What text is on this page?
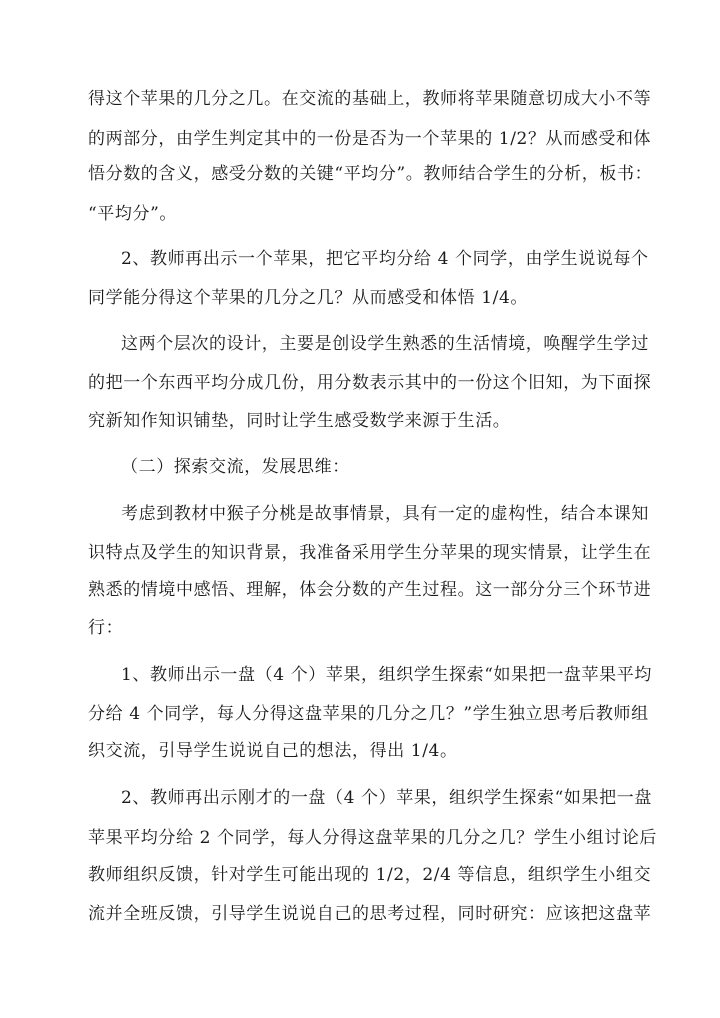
得这个苹果的几分之几。在交流的基础上，教师将苹果随意切成大小不等
的两部分，由学生判定其中的一份是否为一个苹果的 1/2？从而感受和体
悟分数的含义，感受分数的关键“平均分”。教师结合学生的分析，板书：
“平均分”。
2、教师再出示一个苹果，把它平均分给 4 个同学，由学生说说每个
同学能分得这个苹果的几分之几？从而感受和体悟 1/4。
这两个层次的设计，主要是创设学生熟悉的生活情境，唤醒学生学过
的把一个东西平均分成几份，用分数表示其中的一份这个旧知，为下面探
究新知作知识铺垫，同时让学生感受数学来源于生活。
（二）探索交流，发展思维：
考虑到教材中猴子分桃是故事情景，具有一定的虚构性，结合本课知
识特点及学生的知识背景，我准备采用学生分苹果的现实情景，让学生在
熟悉的情境中感悟、理解，体会分数的产生过程。这一部分分三个环节进
行：
1、教师出示一盘（4 个）苹果，组织学生探索“如果把一盘苹果平均
分给 4 个同学，每人分得这盘苹果的几分之几？”学生独立思考后教师组
织交流，引导学生说说自己的想法，得出 1/4。
2、教师再出示刚才的一盘（4 个）苹果，组织学生探索“如果把一盘
苹果平均分给 2 个同学，每人分得这盘苹果的几分之几？学生小组讨论后
教师组织反馈，针对学生可能出现的 1/2，2/4 等信息，组织学生小组交
流并全班反馈，引导学生说说自己的思考过程，同时研究：应该把这盘苹
